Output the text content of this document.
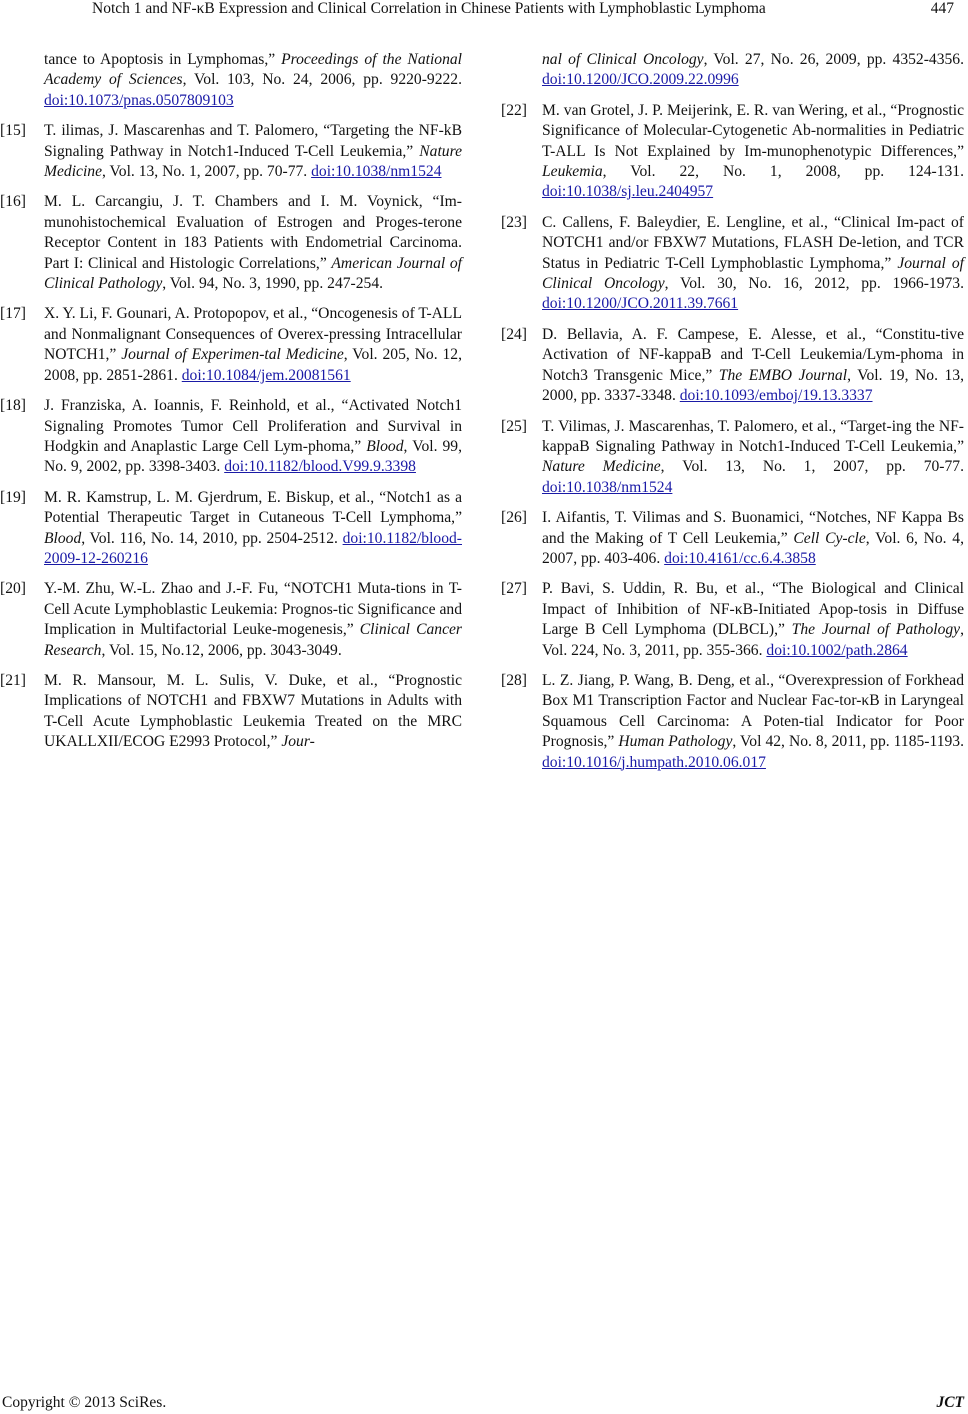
Notch 1 and NF-κB Expression and Clinical Correlation in Chinese Patients with Lymphoblastic Lymphoma	447
tance to Apoptosis in Lymphomas,” Proceedings of the National Academy of Sciences, Vol. 103, No. 24, 2006, pp. 9220-9222. doi:10.1073/pnas.0507809103
[15] T. ilimas, J. Mascarenhas and T. Palomero, “Targeting the NF-kB Signaling Pathway in Notch1-Induced T-Cell Leukemia,” Nature Medicine, Vol. 13, No. 1, 2007, pp. 70-77. doi:10.1038/nm1524
[16] M. L. Carcangiu, J. T. Chambers and I. M. Voynick, “Im-munohistochemical Evaluation of Estrogen and Proges-terone Receptor Content in 183 Patients with Endometrial Carcinoma. Part I: Clinical and Histologic Correlations,” American Journal of Clinical Pathology, Vol. 94, No. 3, 1990, pp. 247-254.
[17] X. Y. Li, F. Gounari, A. Protopopov, et al., “Oncogenesis of T-ALL and Nonmalignant Consequences of Overex-pressing Intracellular NOTCH1,” Journal of Experimen-tal Medicine, Vol. 205, No. 12, 2008, pp. 2851-2861. doi:10.1084/jem.20081561
[18] J. Franziska, A. Ioannis, F. Reinhold, et al., “Activated Notch1 Signaling Promotes Tumor Cell Proliferation and Survival in Hodgkin and Anaplastic Large Cell Lym-phoma,” Blood, Vol. 99, No. 9, 2002, pp. 3398-3403. doi:10.1182/blood.V99.9.3398
[19] M. R. Kamstrup, L. M. Gjerdrum, E. Biskup, et al., “Notch1 as a Potential Therapeutic Target in Cutaneous T-Cell Lymphoma,” Blood, Vol. 116, No. 14, 2010, pp. 2504-2512. doi:10.1182/blood-2009-12-260216
[20] Y.-M. Zhu, W.-L. Zhao and J.-F. Fu, “NOTCH1 Muta-tions in T-Cell Acute Lymphoblastic Leukemia: Prognos-tic Significance and Implication in Multifactorial Leuke-mogenesis,” Clinical Cancer Research, Vol. 15, No.12, 2006, pp. 3043-3049.
[21] M. R. Mansour, M. L. Sulis, V. Duke, et al., “Prognostic Implications of NOTCH1 and FBXW7 Mutations in Adults with T-Cell Acute Lymphoblastic Leukemia Treated on the MRC UKALLXII/ECOG E2993 Protocol,” Jour-
nal of Clinical Oncology, Vol. 27, No. 26, 2009, pp. 4352-4356. doi:10.1200/JCO.2009.22.0996
[22] M. van Grotel, J. P. Meijerink, E. R. van Wering, et al., “Prognostic Significance of Molecular-Cytogenetic Ab-normalities in Pediatric T-ALL Is Not Explained by Im-munophenotypic Differences,” Leukemia, Vol. 22, No. 1, 2008, pp. 124-131. doi:10.1038/sj.leu.2404957
[23] C. Callens, F. Baleydier, E. Lengline, et al., “Clinical Im-pact of NOTCH1 and/or FBXW7 Mutations, FLASH De-letion, and TCR Status in Pediatric T-Cell Lymphoblastic Lymphoma,” Journal of Clinical Oncology, Vol. 30, No. 16, 2012, pp. 1966-1973. doi:10.1200/JCO.2011.39.7661
[24] D. Bellavia, A. F. Campese, E. Alesse, et al., “Constitu-tive Activation of NF-kappaB and T-Cell Leukemia/Lym-phoma in Notch3 Transgenic Mice,” The EMBO Journal, Vol. 19, No. 13, 2000, pp. 3337-3348. doi:10.1093/emboj/19.13.3337
[25] T. Vilimas, J. Mascarenhas, T. Palomero, et al., “Target-ing the NF-kappaB Signaling Pathway in Notch1-Induced T-Cell Leukemia,” Nature Medicine, Vol. 13, No. 1, 2007, pp. 70-77. doi:10.1038/nm1524
[26] I. Aifantis, T. Vilimas and S. Buonamici, “Notches, NF Kappa Bs and the Making of T Cell Leukemia,” Cell Cy-cle, Vol. 6, No. 4, 2007, pp. 403-406. doi:10.4161/cc.6.4.3858
[27] P. Bavi, S. Uddin, R. Bu, et al., “The Biological and Clinical Impact of Inhibition of NF-κB-Initiated Apop-tosis in Diffuse Large B Cell Lymphoma (DLBCL),” The Journal of Pathology, Vol. 224, No. 3, 2011, pp. 355-366. doi:10.1002/path.2864
[28] L. Z. Jiang, P. Wang, B. Deng, et al., “Overexpression of Forkhead Box M1 Transcription Factor and Nuclear Fac-tor-κB in Laryngeal Squamous Cell Carcinoma: A Poten-tial Indicator for Poor Prognosis,” Human Pathology, Vol 42, No. 8, 2011, pp. 1185-1193. doi:10.1016/j.humpath.2010.06.017
Copyright © 2013 SciRes.	JCT
